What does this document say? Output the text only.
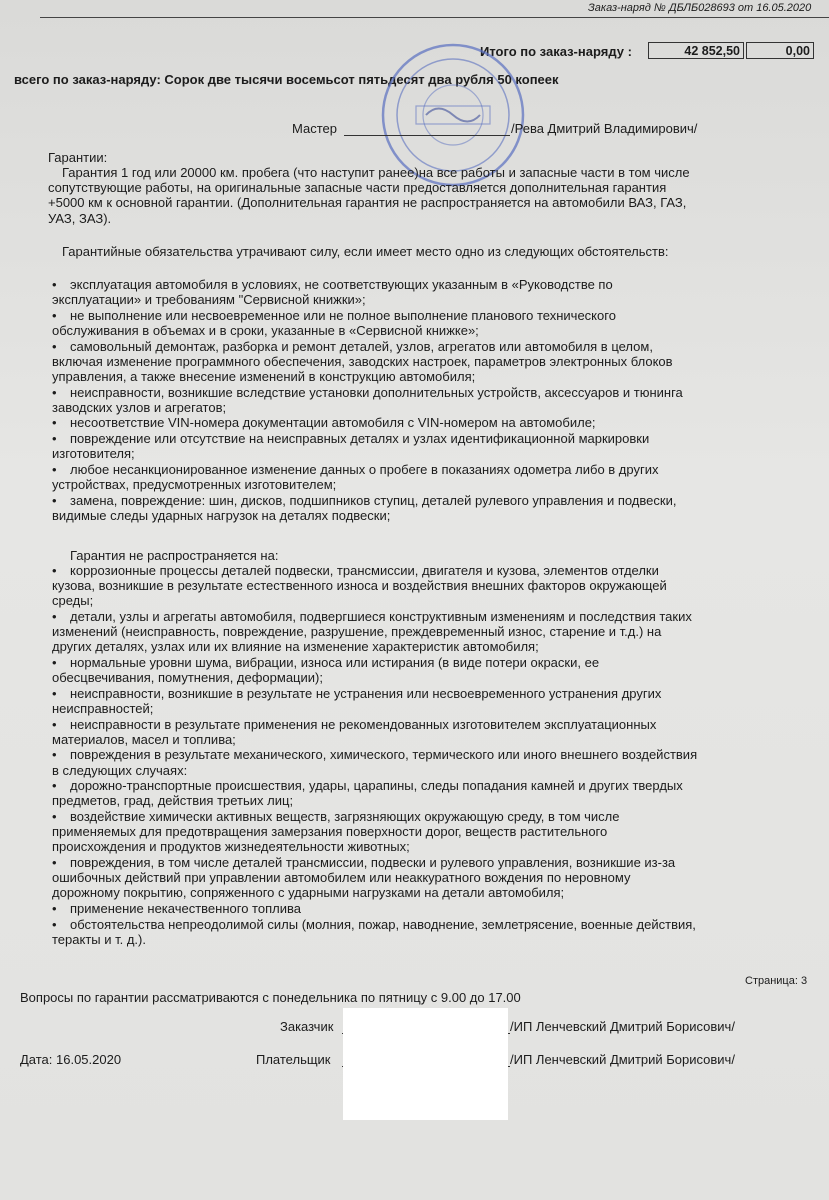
Заказ-наряд № ДБЛБ028693 от 16.05.2020
Итого по заказ-наряду :	42 852,50	0,00
всего по заказ-наряду: Сорок две тысячи восемьсот пятьдесят два рубля 50 копеек
Мастер	/Рева Дмитрий Владимирович/
Гарантии:
Гарантия 1 год или 20000 км. пробега (что наступит ранее)на все работы и запасные части в том числе
сопутствующие работы, на оригинальные запасные части предоставляется дополнительная гарантия
+5000 км к основной гарантии. (Дополнительная гарантия не распространяется на автомобили ВАЗ, ГАЗ,
УАЗ, ЗАЗ).
Гарантийные обязательства утрачивают силу, если имеет место одно из следующих обстоятельств:
•	эксплуатация автомобиля в условиях, не соответствующих указанным в «Руководстве по
эксплуатации» и требованиям "Сервисной книжки»;
•	не выполнение или несвоевременное или не полное выполнение планового технического
обслуживания в объемах и в сроки, указанные в «Сервисной книжке»;
•	самовольный демонтаж, разборка и ремонт деталей, узлов, агрегатов или автомобиля в целом,
включая изменение программного обеспечения, заводских настроек, параметров электронных блоков
управления, а также внесение изменений в конструкцию автомобиля;
•	неисправности, возникшие вследствие установки дополнительных устройств, аксессуаров и тюнинга
заводских узлов и агрегатов;
•	несоответствие VIN-номера документации автомобиля с VIN-номером на автомобиле;
•	повреждение или отсутствие на неисправных деталях и узлах идентификационной маркировки
изготовителя;
•	любое несанкционированное изменение данных о пробеге в показаниях одометра либо в других
устройствах, предусмотренных изготовителем;
•	замена, повреждение: шин, дисков, подшипников ступиц, деталей рулевого управления и подвески,
видимые следы ударных нагрузок на деталях подвески;
Гарантия не распространяется на:
•	коррозионные процессы деталей подвески, трансмиссии, двигателя и кузова, элементов отделки
кузова, возникшие в результате естественного износа и воздействия внешних факторов окружающей
среды;
•	детали, узлы и агрегаты автомобиля, подвергшиеся конструктивным изменениям и последствия таких
изменений (неисправность, повреждение, разрушение, преждевременный износ, старение и т.д.) на
других деталях, узлах или их влияние на изменение характеристик автомобиля;
•	нормальные уровни шума, вибрации, износа или истирания (в виде потери окраски, ее
обесцвечивания, помутнения, деформации);
•	неисправности, возникшие в результате не устранения или несвоевременного устранения других
неисправностей;
•	неисправности в результате применения не рекомендованных изготовителем эксплуатационных
материалов, масел и топлива;
•	повреждения в результате механического, химического, термического или иного внешнего воздействия
в следующих случаях:
•	дорожно-транспортные происшествия, удары, царапины, следы попадания камней и других твердых
предметов, град, действия третьих лиц;
•	воздействие химически активных веществ, загрязняющих окружающую среду, в том числе
применяемых для предотвращения замерзания поверхности дорог, веществ растительного
происхождения и продуктов жизнедеятельности животных;
•	повреждения, в том числе деталей трансмиссии, подвески и рулевого управления, возникшие из-за
ошибочных действий при управлении автомобилем или неаккуратного вождения по неровному
дорожному покрытию, сопряженного с ударными нагрузками на детали автомобиля;
•	применение некачественного топлива
•	обстоятельства непреодолимой силы (молния, пожар, наводнение, землетрясение, военные действия,
теракты и т. д.).
Страница: 3
Вопросы по гарантии рассматриваются с понедельника по пятницу с 9.00 до 17.00
Заказчик	/ИП Ленчевский Дмитрий Борисович/
Дата: 16.05.2020	Плательщик	/ИП Ленчевский Дмитрий Борисович/
